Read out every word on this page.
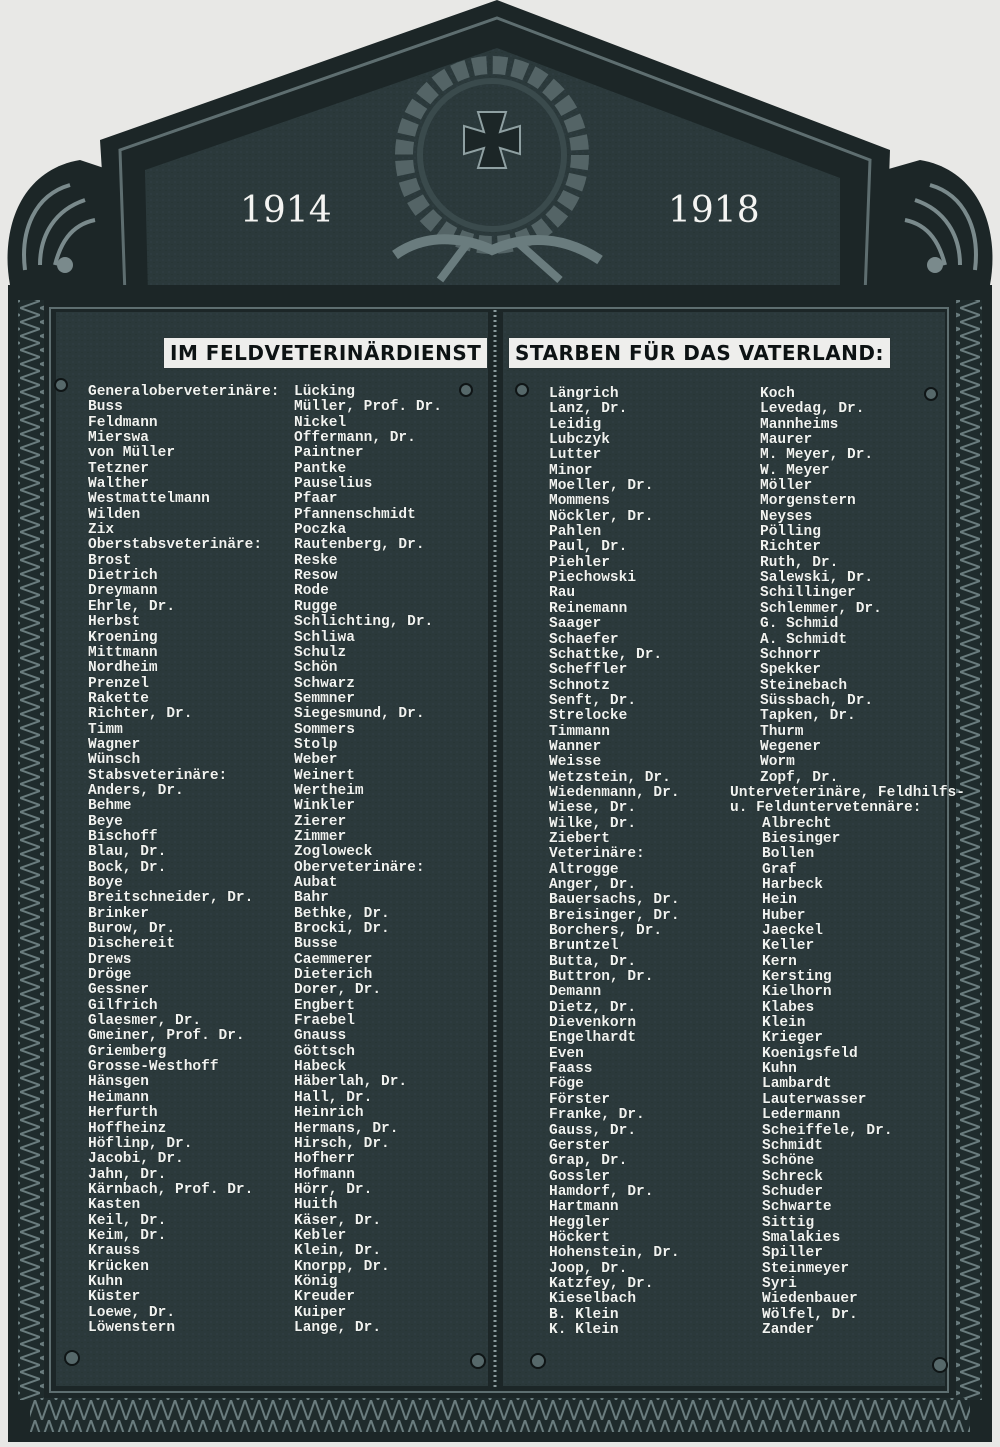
1914	1918
IM FELDVETERINÄRDIENST	STARBEN FÜR DAS VATERLAND:
Generaloberveterinäre:
Buss
Feldmann
Mierswa
von Müller
Tetzner
Walther
Westmattelmann
Wilden
Zix
Oberstabsveterinäre:
Brost
Dietrich
Dreymann
Ehrle, Dr.
Herbst
Kroening
Mittmann
Nordheim
Prenzel
Rakette
Richter, Dr.
Timm
Wagner
Wünsch
Stabsveterinäre:
Anders, Dr.
Behme
Beye
Bischoff
Blau, Dr.
Bock, Dr.
Boye
Breitschneider, Dr.
Brinker
Burow, Dr.
Dischereit
Drews
Dröge
Gessner
Gilfrich
Glaesmer, Dr.
Gmeiner, Prof. Dr.
Griemberg
Grosse-Westhoff
Hänsgen
Heimann
Herfurth
Hoffheinz
Höflinp, Dr.
Jacobi, Dr.
Jahn, Dr.
Kärnbach, Prof. Dr.
Kasten
Keil, Dr.
Keim, Dr.
Krauss
Krücken
Kuhn
Küster
Loewe, Dr.
Löwenstern
Lücking
Müller, Prof. Dr.
Nickel
Offermann, Dr.
Paintner
Pantke
Pauselius
Pfaar
Pfannenschmidt
Poczka
Rautenberg, Dr.
Reske
Resow
Rode
Rugge
Schlichting, Dr.
Schliwa
Schulz
Schön
Schwarz
Semmner
Siegesmund, Dr.
Sommers
Stolp
Weber
Weinert
Wertheim
Winkler
Zierer
Zimmer
Zogloweck
Oberveterinäre:
Aubat
Bahr
Bethke, Dr.
Brocki, Dr.
Busse
Caemmerer
Dieterich
Dorer, Dr.
Engbert
Fraebel
Gnauss
Göttsch
Habeck
Häberlah, Dr.
Hall, Dr.
Heinrich
Hermans, Dr.
Hirsch, Dr.
Hofherr
Hofmann
Hörr, Dr.
Huith
Käser, Dr.
Kebler
Klein, Dr.
Knorpp, Dr.
König
Kreuder
Kuiper
Lange, Dr.
Längrich
Lanz, Dr.
Leidig
Lubczyk
Lutter
Minor
Moeller, Dr.
Mommens
Nöckler, Dr.
Pahlen
Paul, Dr.
Piehler
Piechowski
Rau
Reinemann
Saager
Schaefer
Schattke, Dr.
Scheffler
Schnotz
Senft, Dr.
Strelocke
Timmann
Wanner
Weisse
Wetzstein, Dr.
Wiedenmann, Dr.
Wiese, Dr.
Wilke, Dr.
Ziebert
Veterinäre:
Altrogge
Anger, Dr.
Bauersachs, Dr.
Breisinger, Dr.
Borchers, Dr.
Bruntzel
Butta, Dr.
Buttron, Dr.
Demann
Dietz, Dr.
Dievenkorn
Engelhardt
Even
Faass
Föge
Förster
Franke, Dr.
Gauss, Dr.
Gerster
Grap, Dr.
Gossler
Hamdorf, Dr.
Hartmann
Heggler
Höckert
Hohenstein, Dr.
Joop, Dr.
Katzfey, Dr.
Kieselbach
B. Klein
K. Klein
Koch
Levedag, Dr.
Mannheims
Maurer
M. Meyer, Dr.
W. Meyer
Möller
Morgenstern
Neyses
Pölling
Richter
Ruth, Dr.
Salewski, Dr.
Schillinger
Schlemmer, Dr.
G. Schmid
A. Schmidt
Schnorr
Spekker
Steinebach
Süssbach, Dr.
Tapken, Dr.
Thurm
Wegener
Worm
Zopf, Dr.
Unterveterinäre, Feldhilfs-
u. Felduntervetennäre:
Albrecht
Biesinger
Bollen
Graf
Harbeck
Hein
Huber
Jaeckel
Keller
Kern
Kersting
Kielhorn
Klabes
Klein
Krieger
Koenigsfeld
Kuhn
Lambardt
Lauterwasser
Ledermann
Scheiffele, Dr.
Schmidt
Schöne
Schreck
Schuder
Schwarte
Sittig
Smalakies
Spiller
Steinmeyer
Syri
Wiedenbauer
Wölfel, Dr.
Zander
